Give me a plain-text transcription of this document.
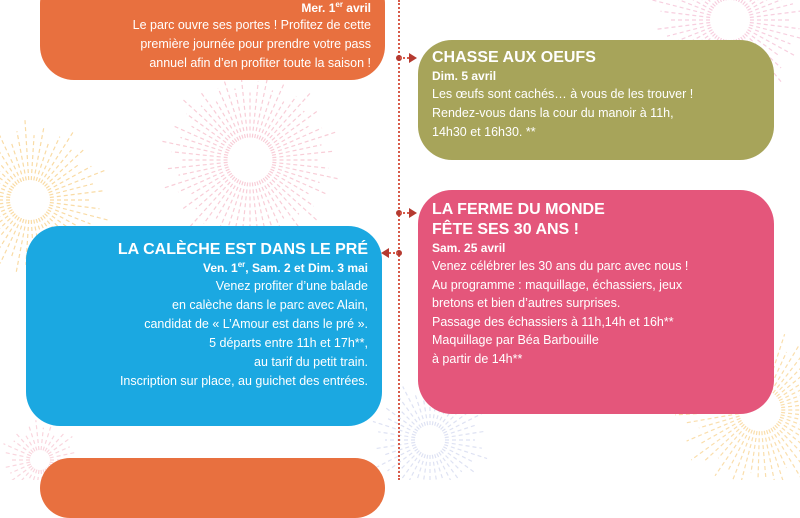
Mer. 1er avril
Le parc ouvre ses portes ! Profitez de cette
première journée pour prendre votre pass
annuel afin d’en profiter toute la saison !	CHASSE AUX OEUFS
Dim. 5 avril
Les œufs sont cachés… à vous de les trouver !
Rendez-vous dans la cour du manoir à 11h,
14h30 et 16h30. **
LA FERME DU MONDE
FÊTE SES 30 ANS !
Sam. 25 avril
Venez célébrer les 30 ans du parc avec nous !
Au programme : maquillage, échassiers, jeux
bretons et bien d’autres surprises.
Passage des échassiers à 11h,14h et 16h**
Maquillage par Béa Barbouille
à partir de 14h**
LA CALÈCHE EST DANS LE PRÉ
Ven. 1er, Sam. 2 et Dim. 3 mai
Venez profiter d’une balade
en calèche dans le parc avec Alain,
candidat de « L’Amour est dans le pré ».
5 départs entre 11h et 17h**,
au tarif du petit train.
Inscription sur place, au guichet des entrées.
